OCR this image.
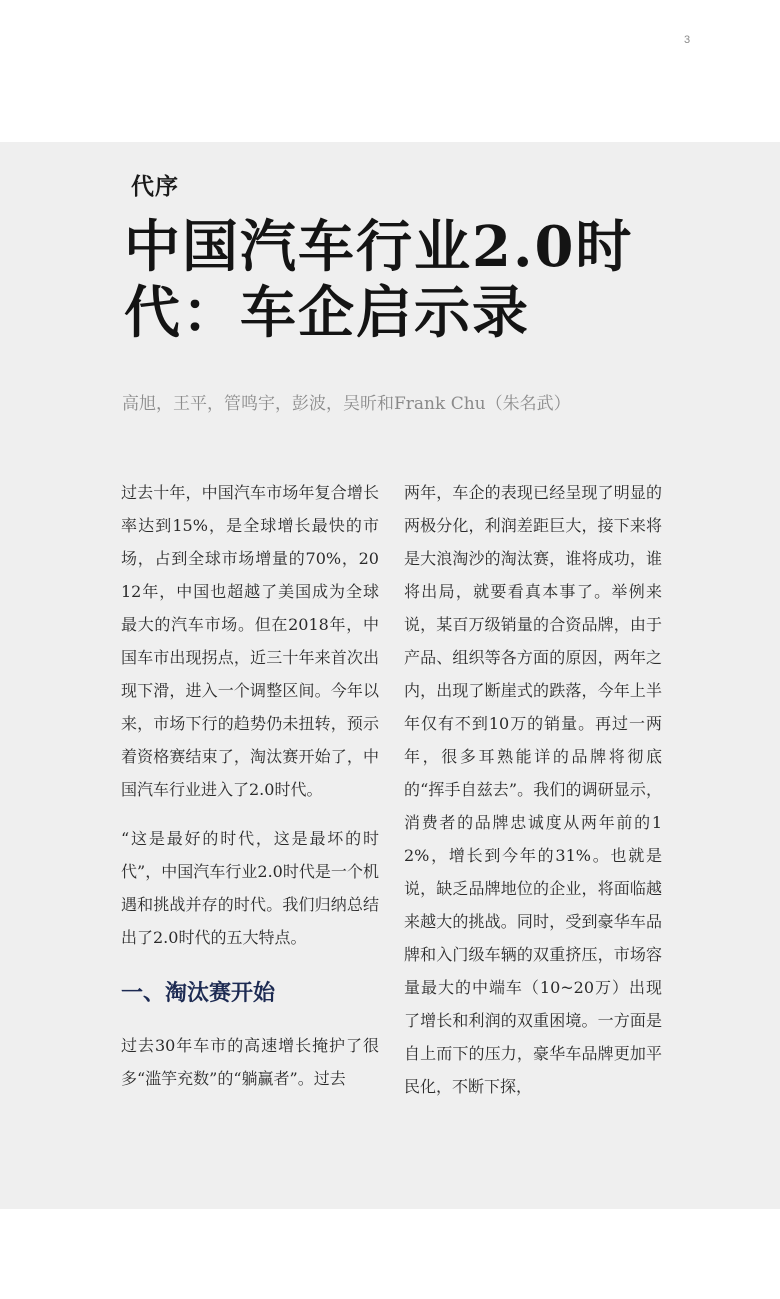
3
代序
中国汽车行业2.0时代：车企启示录
高旭，王平，管鸣宇，彭波，吴昕和Frank Chu（朱名武）

过去十年，中国汽车市场年复合增长率达到15%，是全球增长最快的市场，占到全球市场增量的70%，2012年，中国也超越了美国成为全球最大的汽车市场。但在2018年，中国车市出现拐点，近三十年来首次出现下滑，进入一个调整区间。今年以来，市场下行的趋势仍未扭转，预示着资格赛结束了，淘汰赛开始了，中国汽车行业进入了2.0时代。

“这是最好的时代，这是最坏的时代”，中国汽车行业2.0时代是一个机遇和挑战并存的时代。我们归纳总结出了2.0时代的五大特点。

一、淘汰赛开始

过去30年车市的高速增长掩护了很多“滥竽充数”的“躺赢者”。过去

两年，车企的表现已经呈现了明显的两极分化，利润差距巨大，接下来将是大浪淘沙的淘汰赛，谁将成功，谁将出局，就要看真本事了。举例来说，某百万级销量的合资品牌，由于产品、组织等各方面的原因，两年之内，出现了断崖式的跌落，今年上半年仅有不到10万的销量。再过一两年，很多耳熟能详的品牌将彻底的“挥手自兹去”。我们的调研显示，消费者的品牌忠诚度从两年前的12%，增长到今年的31%。也就是说，缺乏品牌地位的企业，将面临越来越大的挑战。同时，受到豪华车品牌和入门级车辆的双重挤压，市场容量最大的中端车（10~20万）出现了增长和利润的双重困境。一方面是自上而下的压力，豪华车品牌更加平民化，不断下探，
